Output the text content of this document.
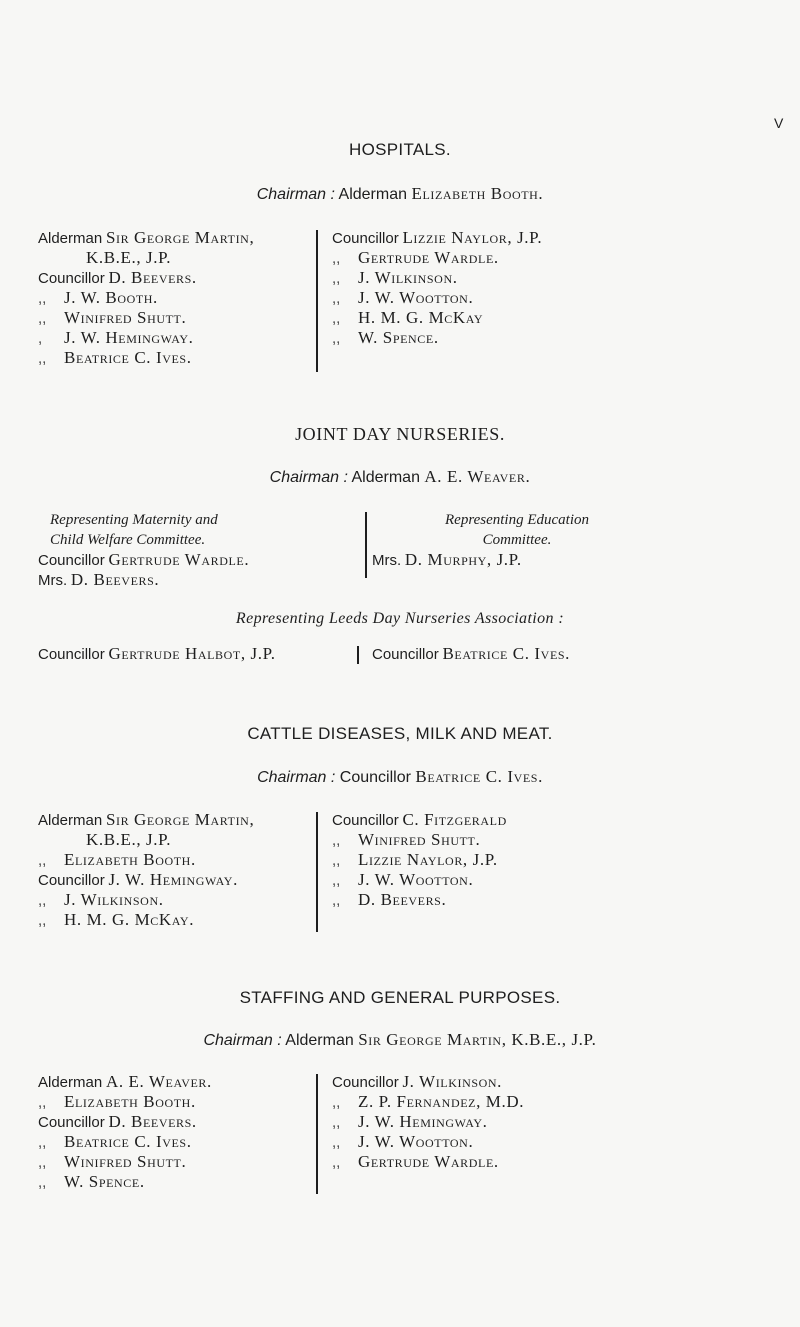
V
HOSPITALS.
Chairman : Alderman Elizabeth Booth.
Alderman Sir George Martin,
K.B.E., J.P.
Councillor D. Beevers.
,, J. W. Booth.
,, Winifred Shutt.
, J. W. Hemingway.
,, Beatrice C. Ives.
Councillor Lizzie Naylor, J.P.
,, Gertrude Wardle.
,, J. Wilkinson.
,, J. W. Wootton.
,, H. M. G. McKay
,, W. Spence.
JOINT DAY NURSERIES.
Chairman : Alderman A. E. Weaver.
Representing Maternity and
Child Welfare Committee.
Councillor Gertrude Wardle.
Mrs. D. Beevers.
Representing Education
Committee.
Mrs. D. Murphy, J.P.
Representing Leeds Day Nurseries Association :
Councillor Gertrude Halbot, J.P.	Councillor Beatrice C. Ives.
CATTLE DISEASES, MILK AND MEAT.
Chairman : Councillor Beatrice C. Ives.
Alderman Sir George Martin,
K.B.E., J.P.
,, Elizabeth Booth.
Councillor J. W. Hemingway.
,, J. Wilkinson.
,, H. M. G. McKay.
Councillor C. Fitzgerald
,, Winifred Shutt.
,, Lizzie Naylor, J.P.
,, J. W. Wootton.
,, D. Beevers.
STAFFING AND GENERAL PURPOSES.
Chairman : Alderman Sir George Martin, K.B.E., J.P.
Alderman A. E. Weaver.
,, Elizabeth Booth.
Councillor D. Beevers.
,, Beatrice C. Ives.
,, Winifred Shutt.
,, W. Spence.
Councillor J. Wilkinson.
,, Z. P. Fernandez, M.D.
,, J. W. Hemingway.
,, J. W. Wootton.
,, Gertrude Wardle.
